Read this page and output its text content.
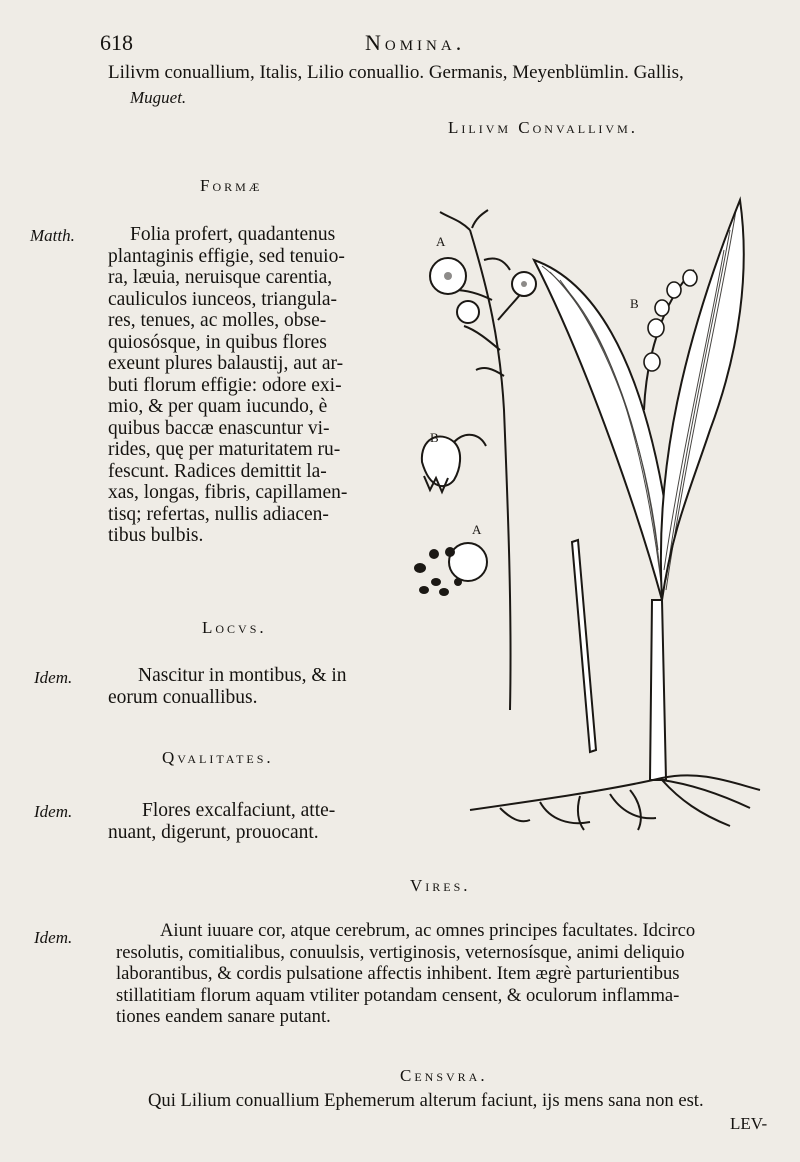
618	Nomina.
Lilivm conuallium, Italis, Lilio conuallio. Germanis, Meyenblümlin. Gallis,
Muguet.
Lilivm Convallivm.
Formæ
Matth.	Folia profert, quadantenus
plantaginis effigie, sed tenuio-
ra, læuia, neruisque carentia,
cauliculos iunceos, triangula-
res, tenues, ac molles, obse-
quiosósque, in quibus flores
exeunt plures balaustij, aut ar-
buti florum effigie: odore exi-
mio, & per quam iucundo, è
quibus baccæ enascuntur vi-
rides, quę per maturitatem ru-
fescunt. Radices demittit la-
xas, longas, fibris, capillamen-
tisq; refertas, nullis adiacen-
tibus bulbis.
Locvs.
Idem.	Nascitur in montibus, & in
eorum conuallibus.
Qvalitates.
Idem.	Flores excalfaciunt, atte-
nuant, digerunt, prouocant.
A
B
B
A
Vires.
Idem.	Aiunt iuuare cor, atque cerebrum, ac omnes principes facultates. Idcirco
resolutis, comitialibus, conuulsis, vertiginosis, veternosísque, animi deliquio
laborantibus, & cordis pulsatione affectis inhibent. Item ægrè parturientibus
stillatitiam florum aquam vtiliter potandam censent, & oculorum inflamma-
tiones eandem sanare putant.
Censvra.
Qui Lilium conuallium Ephemerum alterum faciunt, ijs mens sana non est.
LEV-
